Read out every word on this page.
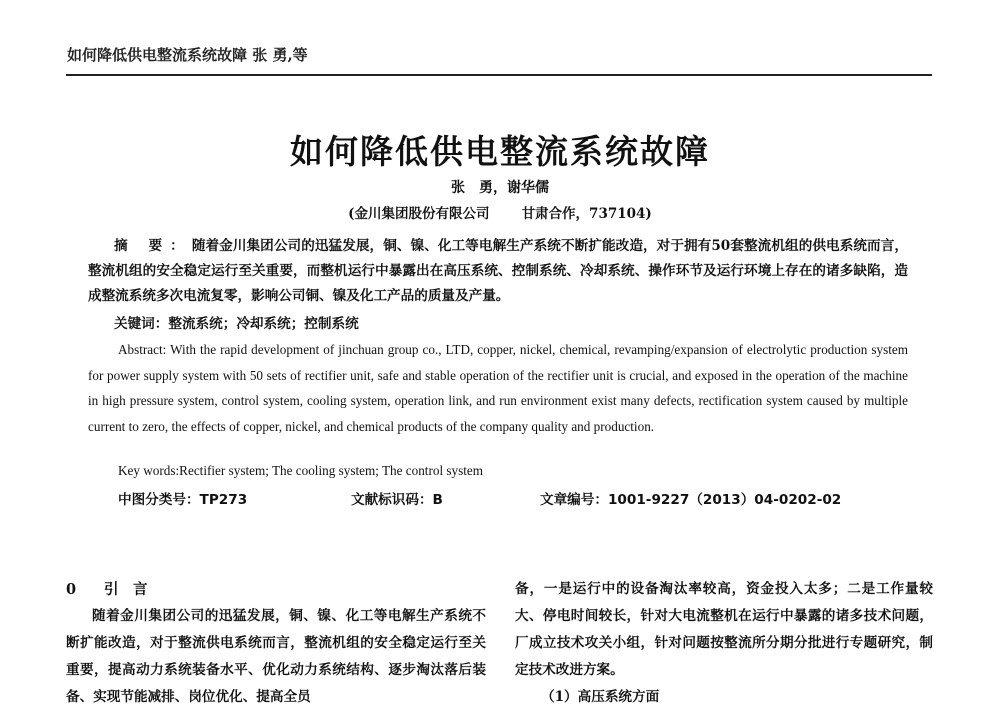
如何降低供电整流系统故障 张 勇,等
如何降低供电整流系统故障
张　勇，谢华儒
(金川集团股份有限公司 甘肃合作，737104)
摘 要：随着金川集团公司的迅猛发展，铜、镍、化工等电解生产系统不断扩能改造，对于拥有50套整流机组的供电系统而言，整流机组的安全稳定运行至关重要，而整机运行中暴露出在高压系统、控制系统、冷却系统、操作环节及运行环境上存在的诸多缺陷，造成整流系统多次电流复零，影响公司铜、镍及化工产品的质量及产量。
关键词：整流系统；冷却系统；控制系统
Abstract: With the rapid development of jinchuan group co., LTD, copper, nickel, chemical, revamping/expansion of electrolytic production system for power supply system with 50 sets of rectifier unit, safe and stable operation of the rectifier unit is crucial, and exposed in the operation of the machine in high pressure system, control system, cooling system, operation link, and run environment exist many defects, rectification system caused by multiple current to zero, the effects of copper, nickel, and chemical products of the company quality and production.
Key words:Rectifier system; The cooling system; The control system
中图分类号：TP273	文献标识码：B	文章编号：1001-9227（2013）04-0202-02

0 引　言

随着金川集团公司的迅猛发展，铜、镍、化工等电解生产系统不断扩能改造，对于整流供电系统而言，整流机组的安全稳定运行至关重要，提高动力系统装备水平、优化动力系统结构、逐步淘汰落后装备、实现节能减排、岗位优化、提高全员

备，一是运行中的设备淘汰率较高，资金投入太多；二是工作量较大、停电时间较长，针对大电流整机在运行中暴露的诸多技术问题，厂成立技术攻关小组，针对问题按整流所分期分批进行专题研究，制定技术改进方案。

（1）高压系统方面
